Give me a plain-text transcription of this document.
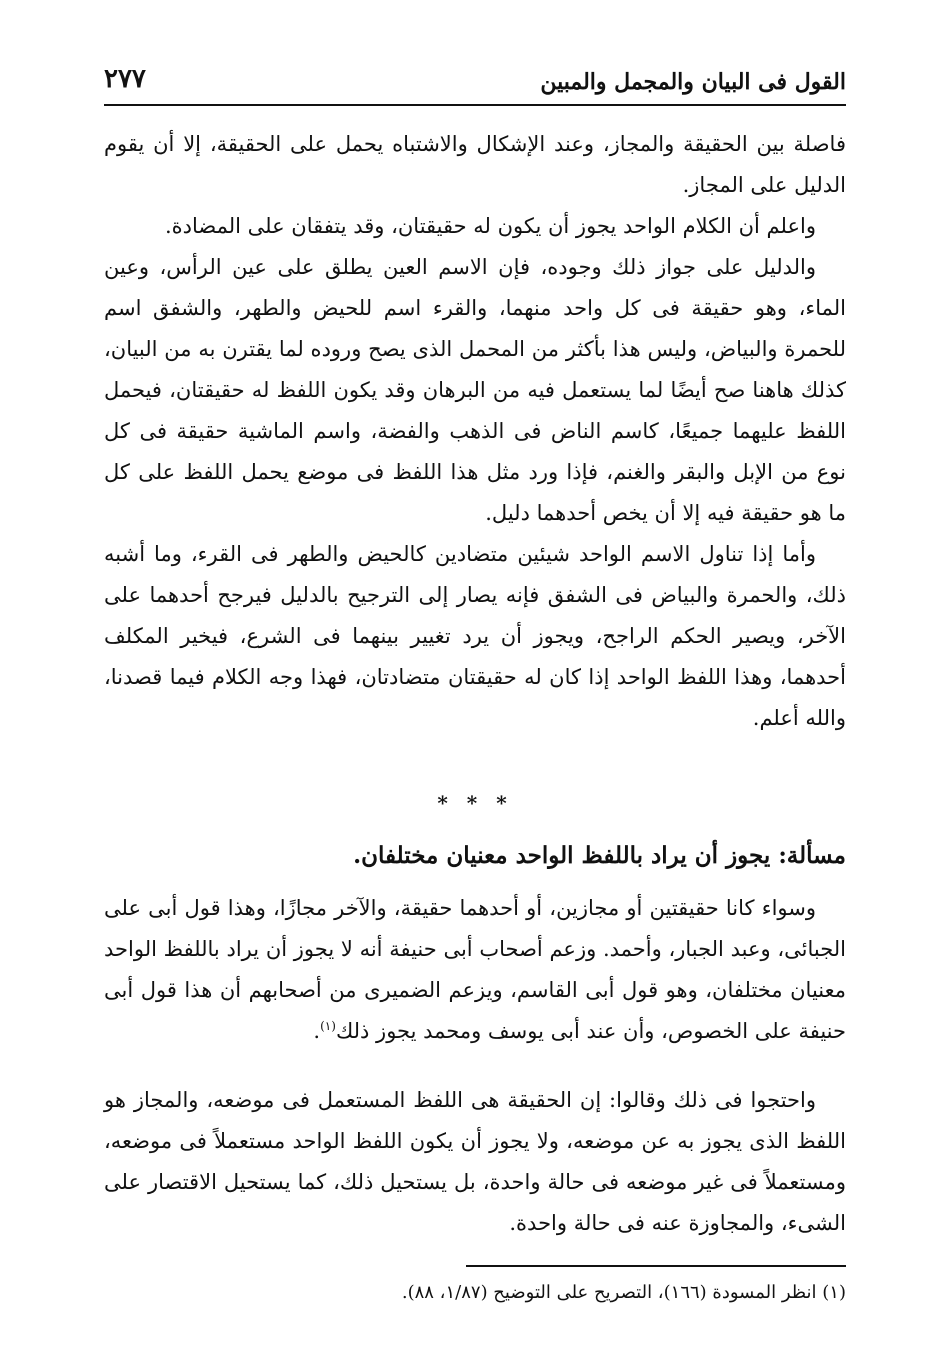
القول فى البيان والمجمل والمبين
٢٧٧

فاصلة بين الحقيقة والمجاز، وعند الإشكال والاشتباه يحمل على الحقيقة، إلا أن يقوم الدليل على المجاز.

واعلم أن الكلام الواحد يجوز أن يكون له حقيقتان، وقد يتفقان على المضادة.

والدليل على جواز ذلك وجوده، فإن الاسم العين يطلق على عين الرأس، وعين الماء، وهو حقيقة فى كل واحد منهما، والقرء اسم للحيض والطهر، والشفق اسم للحمرة والبياض، وليس هذا بأكثر من المحمل الذى يصح وروده لما يقترن به من البيان، كذلك هاهنا صح أيضًا لما يستعمل فيه من البرهان وقد يكون اللفظ له حقيقتان، فيحمل اللفظ عليهما جميعًا، كاسم الناض فى الذهب والفضة، واسم الماشية حقيقة فى كل نوع من الإبل والبقر والغنم، فإذا ورد مثل هذا اللفظ فى موضع يحمل اللفظ على كل ما هو حقيقة فيه إلا أن يخص أحدهما دليل.

وأما إذا تناول الاسم الواحد شيئين متضادين كالحيض والطهر فى القرء، وما أشبه ذلك، والحمرة والبياض فى الشفق فإنه يصار إلى الترجيح بالدليل فيرجح أحدهما على الآخر، ويصير الحكم الراجح، ويجوز أن يرد تغيير بينهما فى الشرع، فيخير المكلف أحدهما، وهذا اللفظ الواحد إذا كان له حقيقتان متضادتان، فهذا وجه الكلام فيما قصدنا، والله أعلم.

* * *
مسألة: يجوز أن يراد باللفظ الواحد معنيان مختلفان.

وسواء كانا حقيقتين أو مجازين، أو أحدهما حقيقة، والآخر مجازًا، وهذا قول أبى على الجبائى، وعبد الجبار، وأحمد. وزعم أصحاب أبى حنيفة أنه لا يجوز أن يراد باللفظ الواحد معنيان مختلفان، وهو قول أبى القاسم، ويزعم الضميرى من أصحابهم أن هذا قول أبى حنيفة على الخصوص، وأن عند أبى يوسف ومحمد يجوز ذلك$^{(١)}$.

واحتجوا فى ذلك وقالوا: إن الحقيقة هى اللفظ المستعمل فى موضعه، والمجاز هو اللفظ الذى يجوز به عن موضعه، ولا يجوز أن يكون اللفظ الواحد مستعملاً فى موضعه، ومستعملاً فى غير موضعه فى حالة واحدة، بل يستحيل ذلك، كما يستحيل الاقتصار على الشىء، والمجاوزة عنه فى حالة واحدة.

(١) انظر المسودة (١٦٦)، التصريح على التوضيح (١/٨٧، ٨٨).
